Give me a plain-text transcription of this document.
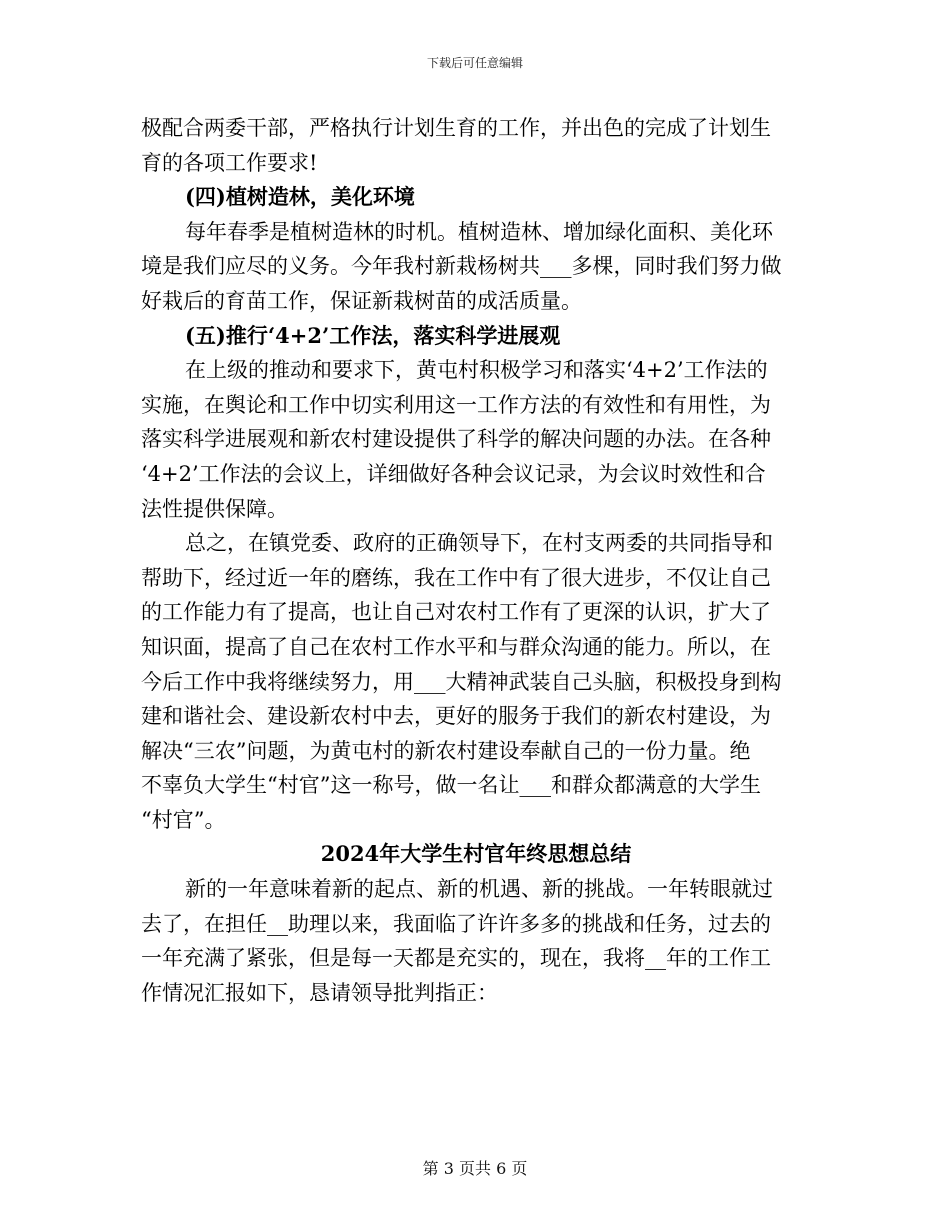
下载后可任意编辑
极配合两委干部，严格执行计划生育的工作，并出色的完成了计划生
育的各项工作要求!
(四)植树造林，美化环境
每年春季是植树造林的时机。植树造林、增加绿化面积、美化环
境是我们应尽的义务。今年我村新栽杨树共___多棵，同时我们努力做
好栽后的育苗工作，保证新栽树苗的成活质量。
(五)推行‘4+2’工作法，落实科学进展观
在上级的推动和要求下，黄屯村积极学习和落实‘4+2’工作法的
实施，在舆论和工作中切实利用这一工作方法的有效性和有用性，为
落实科学进展观和新农村建设提供了科学的解决问题的办法。在各种
‘4+2’工作法的会议上，详细做好各种会议记录，为会议时效性和合
法性提供保障。
总之，在镇党委、政府的正确领导下，在村支两委的共同指导和
帮助下，经过近一年的磨练，我在工作中有了很大进步，不仅让自己
的工作能力有了提高，也让自己对农村工作有了更深的认识，扩大了
知识面，提高了自己在农村工作水平和与群众沟通的能力。所以，在
今后工作中我将继续努力，用___大精神武装自己头脑，积极投身到构
建和谐社会、建设新农村中去，更好的服务于我们的新农村建设，为
解决“三农”问题，为黄屯村的新农村建设奉献自己的一份力量。绝
不辜负大学生“村官”这一称号，做一名让___和群众都满意的大学生
“村官”。
2024年大学生村官年终思想总结
新的一年意味着新的起点、新的机遇、新的挑战。一年转眼就过
去了，在担任__助理以来，我面临了许许多多的挑战和任务，过去的
一年充满了紧张，但是每一天都是充实的，现在，我将__年的工作工
作情况汇报如下，恳请领导批判指正：
第 3 页共 6 页
